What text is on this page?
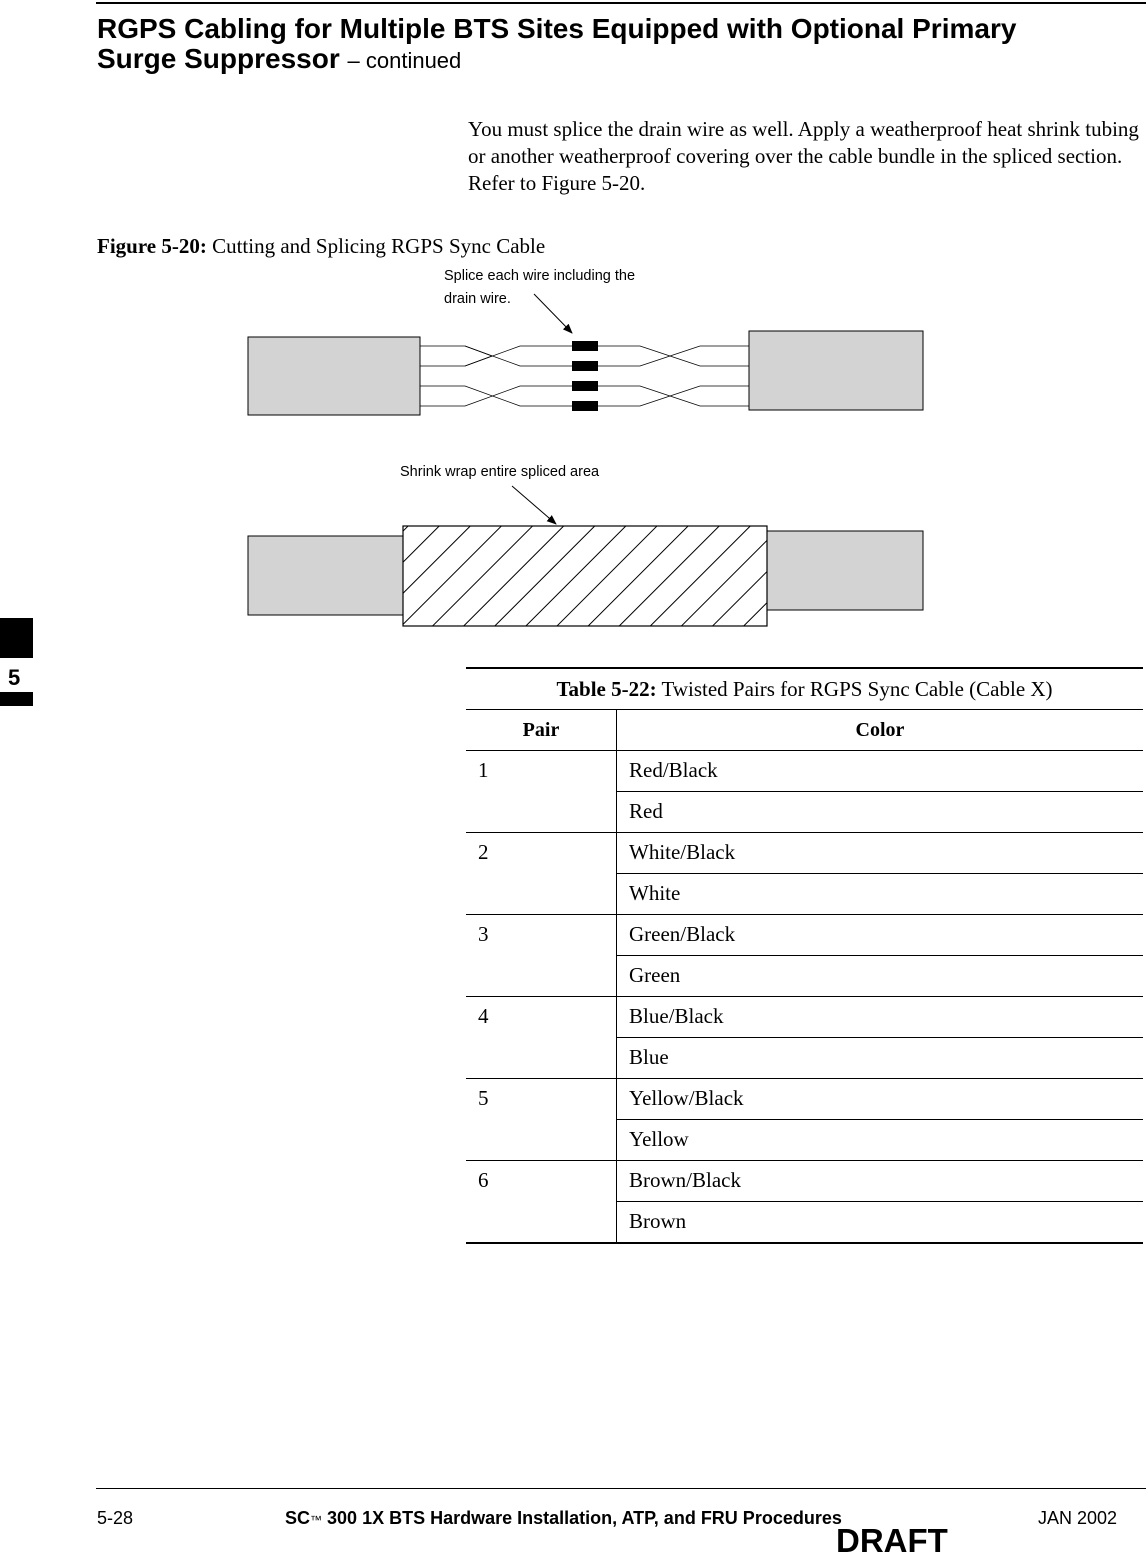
RGPS Cabling for Multiple BTS Sites Equipped with Optional Primary
Surge Suppressor – continued
You must splice the drain wire as well. Apply a weatherproof heat shrink tubing or another weatherproof covering over the cable bundle in the spliced section. Refer to Figure 5-20.
Figure 5-20: Cutting and Splicing RGPS Sync Cable
Splice each wire including the
drain wire.
Shrink wrap entire spliced area
Table 5-22: Twisted Pairs for RGPS Sync Cable (Cable X)	
Pair	Color
1	Red/Black
	Red
2	White/Black
	White
3	Green/Black
	Green
4	Blue/Black
	Blue
5	Yellow/Black
	Yellow
6	Brown/Black
	Brown
5
5-28	SC™ 300 1X BTS Hardware Installation, ATP, and FRU Procedures	JAN 2002
DRAFT
